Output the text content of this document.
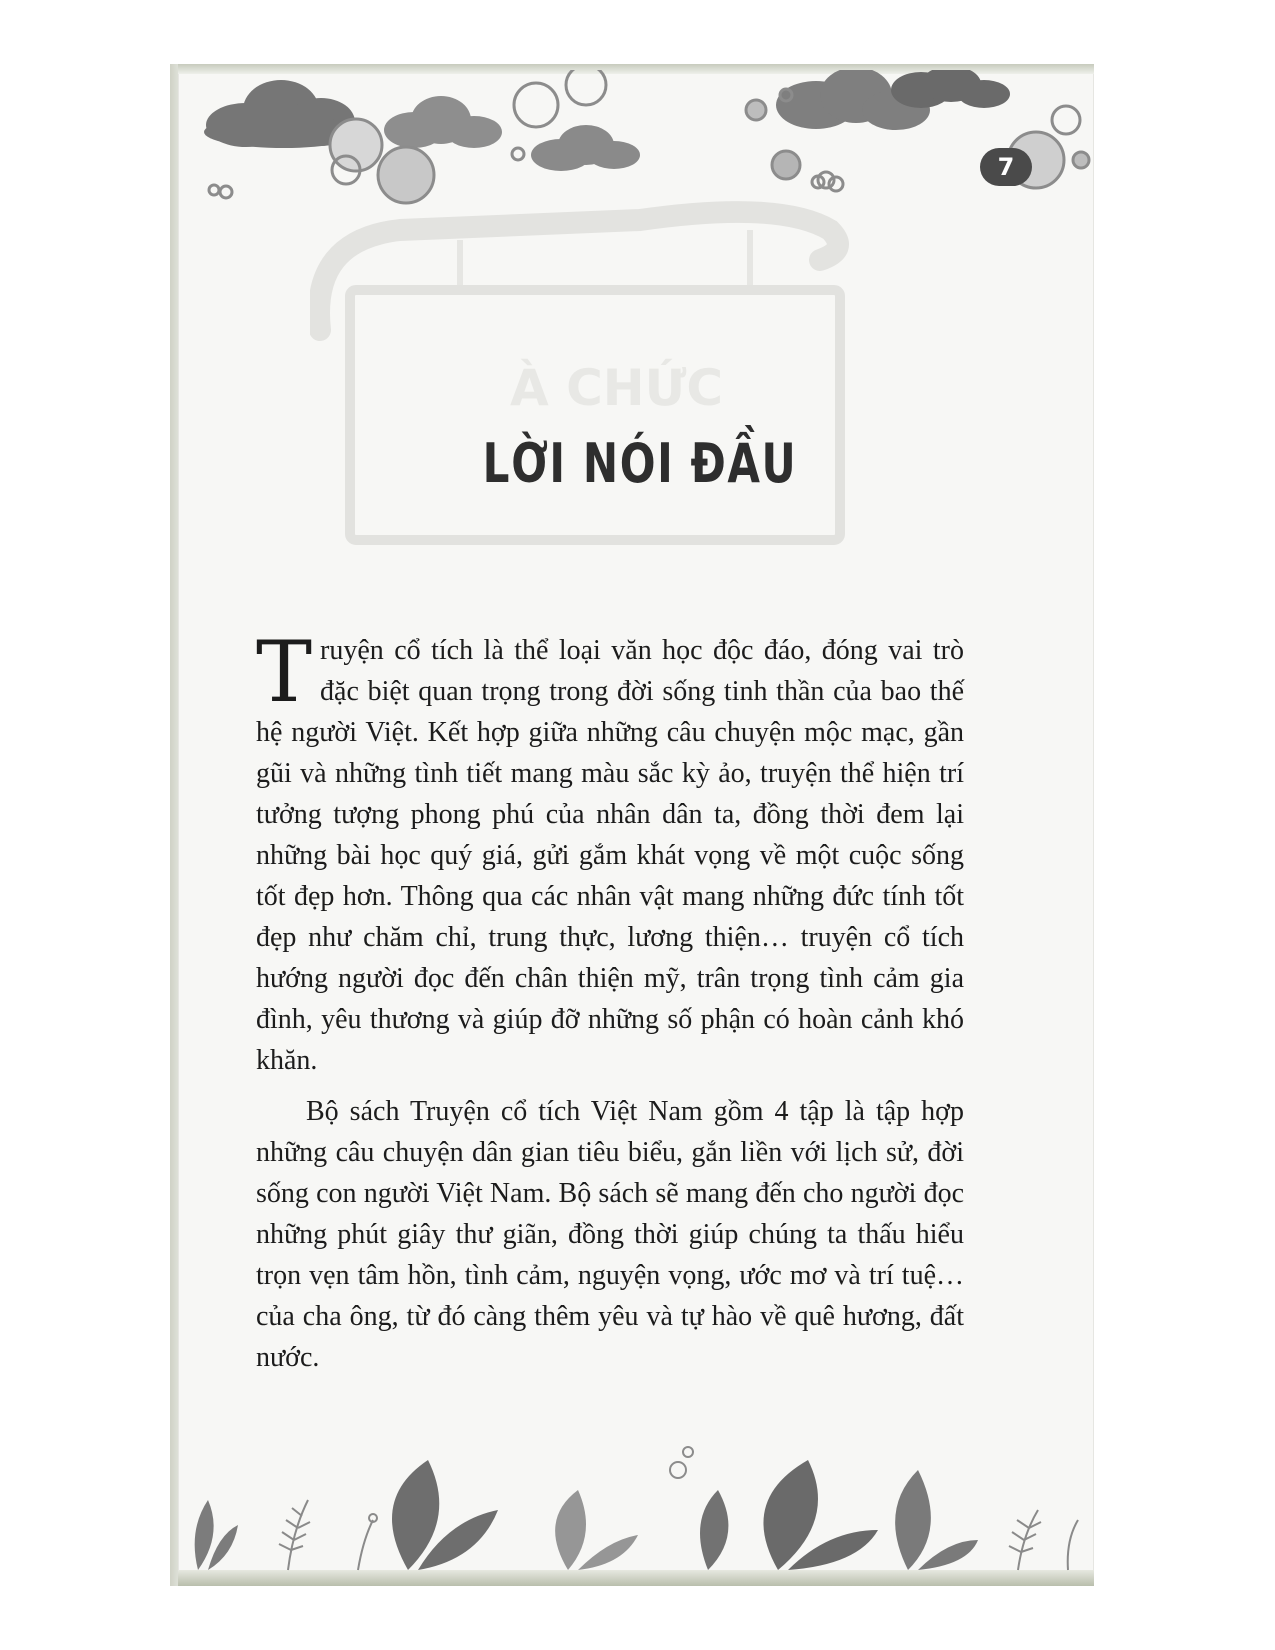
À CHỨC
7
LỜI NÓI ĐẦU

Truyện cổ tích là thể loại văn học độc đáo, đóng vai trò đặc biệt quan trọng trong đời sống tinh thần của bao thế hệ người Việt. Kết hợp giữa những câu chuyện mộc mạc, gần gũi và những tình tiết mang màu sắc kỳ ảo, truyện thể hiện trí tưởng tượng phong phú của nhân dân ta, đồng thời đem lại những bài học quý giá, gửi gắm khát vọng về một cuộc sống tốt đẹp hơn. Thông qua các nhân vật mang những đức tính tốt đẹp như chăm chỉ, trung thực, lương thiện… truyện cổ tích hướng người đọc đến chân thiện mỹ, trân trọng tình cảm gia đình, yêu thương và giúp đỡ những số phận có hoàn cảnh khó khăn.

Bộ sách Truyện cổ tích Việt Nam gồm 4 tập là tập hợp những câu chuyện dân gian tiêu biểu, gắn liền với lịch sử, đời sống con người Việt Nam. Bộ sách sẽ mang đến cho người đọc những phút giây thư giãn, đồng thời giúp chúng ta thấu hiểu trọn vẹn tâm hồn, tình cảm, nguyện vọng, ước mơ và trí tuệ… của cha ông, từ đó càng thêm yêu và tự hào về quê hương, đất nước.
